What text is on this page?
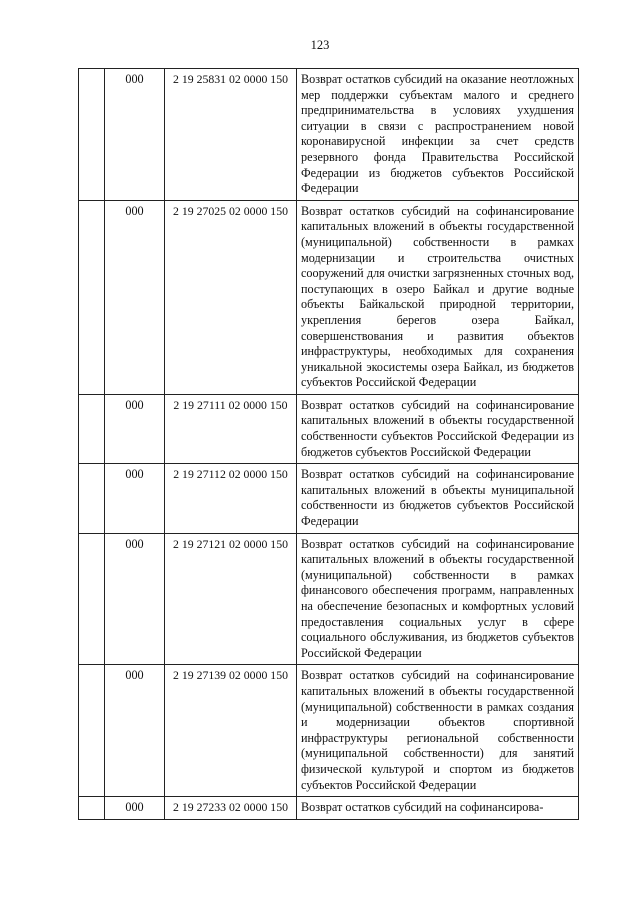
123
	000	2 19 25831 02 0000 150	Возврат остатков субсидий на оказание неотложных мер поддержки субъектам малого и среднего предпринимательства в условиях ухудшения ситуации в связи с распространением новой коронавирусной инфекции за счет средств резервного фонда Правительства Российской Федерации из бюджетов субъектов Российской Федерации
	000	2 19 27025 02 0000 150	Возврат остатков субсидий на софинансирование капитальных вложений в объекты государственной (муниципальной) собственности в рамках модернизации и строительства очистных сооружений для очистки загрязненных сточных вод, поступающих в озеро Байкал и другие водные объекты Байкальской природной территории, укрепления берегов озера Байкал, совершенствования и развития объектов инфраструктуры, необходимых для сохранения уникальной экосистемы озера Байкал, из бюджетов субъектов Российской Федерации
	000	2 19 27111 02 0000 150	Возврат остатков субсидий на софинансирование капитальных вложений в объекты государственной собственности субъектов Российской Федерации из бюджетов субъектов Российской Федерации
	000	2 19 27112 02 0000 150	Возврат остатков субсидий на софинансирование капитальных вложений в объекты муниципальной собственности из бюджетов субъектов Российской Федерации
	000	2 19 27121 02 0000 150	Возврат остатков субсидий на софинансирование капитальных вложений в объекты государственной (муниципальной) собственности в рамках финансового обеспечения программ, направленных на обеспечение безопасных и комфортных условий предоставления социальных услуг в сфере социального обслуживания, из бюджетов субъектов Российской Федерации
	000	2 19 27139 02 0000 150	Возврат остатков субсидий на софинансирование капитальных вложений в объекты государственной (муниципальной) собственности в рамках создания и модернизации объектов спортивной инфраструктуры региональной собственности (муниципальной собственности) для занятий физической культурой и спортом из бюджетов субъектов Российской Федерации
	000	2 19 27233 02 0000 150	Возврат остатков субсидий на софинансирова-
